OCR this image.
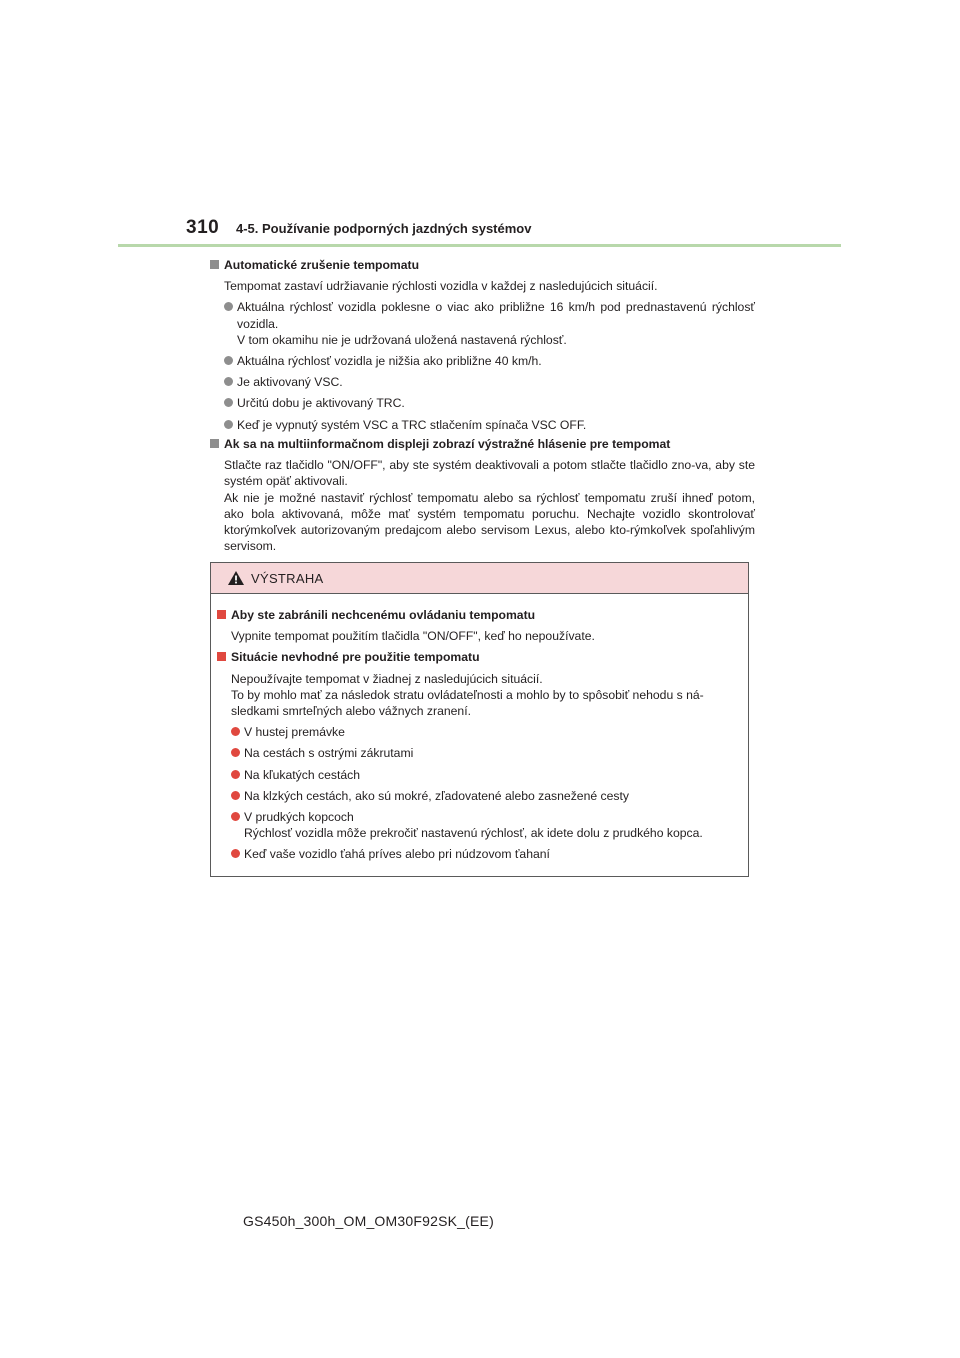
310	4-5. Používanie podporných jazdných systémov
Automatické zrušenie tempomatu
Tempomat zastaví udržiavanie rýchlosti vozidla v každej z nasledujúcich situácií.
Aktuálna rýchlosť vozidla poklesne o viac ako približne 16 km/h pod prednastavenú rýchlosť vozidla.
V tom okamihu nie je udržovaná uložená nastavená rýchlosť.
Aktuálna rýchlosť vozidla je nižšia ako približne 40 km/h.
Je aktivovaný VSC.
Určitú dobu je aktivovaný TRC.
Keď je vypnutý systém VSC a TRC stlačením spínača VSC OFF.
Ak sa na multiinformačnom displeji zobrazí výstražné hlásenie pre tempomat
Stlačte raz tlačidlo "ON/OFF", aby ste systém deaktivovali a potom stlačte tlačidlo zno-va, aby ste systém opäť aktivovali.
Ak nie je možné nastaviť rýchlosť tempomatu alebo sa rýchlosť tempomatu zruší ihneď potom, ako bola aktivovaná, môže mať systém tempomatu poruchu. Nechajte vozidlo skontrolovať ktorýmkoľvek autorizovaným predajcom alebo servisom Lexus, alebo kto-rýmkoľvek spoľahlivým servisom.
VÝSTRAHA
Aby ste zabránili nechcenému ovládaniu tempomatu
Vypnite tempomat použitím tlačidla "ON/OFF", keď ho nepoužívate.
Situácie nevhodné pre použitie tempomatu
Nepoužívajte tempomat v žiadnej z nasledujúcich situácií.
To by mohlo mať za následok stratu ovládateľnosti a mohlo by to spôsobiť nehodu s ná-sledkami smrteľných alebo vážnych zranení.
V hustej premávke
Na cestách s ostrými zákrutami
Na kľukatých cestách
Na klzkých cestách, ako sú mokré, zľadovatené alebo zasnežené cesty
V prudkých kopcoch
Rýchlosť vozidla môže prekročiť nastavenú rýchlosť, ak idete dolu z prudkého kopca.
Keď vaše vozidlo ťahá príves alebo pri núdzovom ťahaní
GS450h_300h_OM_OM30F92SK_(EE)
